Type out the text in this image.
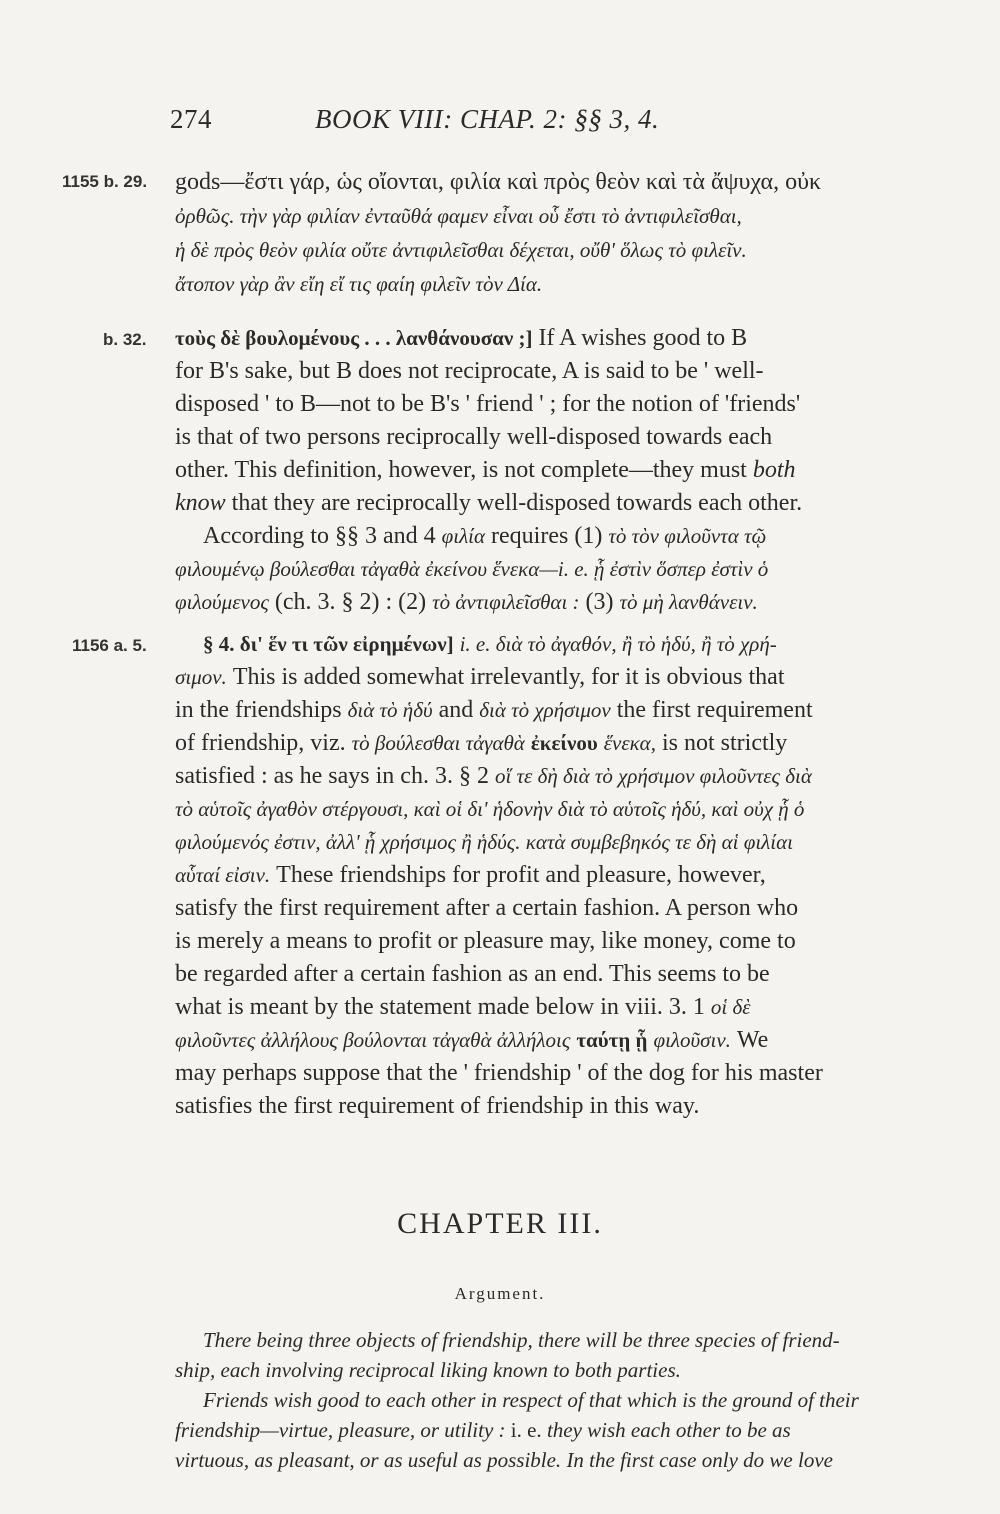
274	BOOK VIII: CHAP. 2: §§ 3, 4.
1155 b. 29.	gods—ἔστι γάρ, ὡς οἴονται, φιλία καὶ πρὸς θεὸν καὶ τὰ ἄψυχα, οὐκ
ὀρθῶς. τὴν γὰρ φιλίαν ἐνταῦθά φαμεν εἶναι οὗ ἔστι τὸ ἀντιφιλεῖσθαι,
ἡ δὲ πρὸς θεὸν φιλία οὔτε ἀντιφιλεῖσθαι δέχεται, οὔθ' ὅλως τὸ φιλεῖν.
ἄτοπον γὰρ ἂν εἴη εἴ τις φαίη φιλεῖν τὸν Δία.
b. 32.	τοὺς δὲ βουλομένους . . . λανθάνουσαν ;] If A wishes good to B
for B's sake, but B does not reciprocate, A is said to be ' well-
disposed ' to B—not to be B's ' friend ' ; for the notion of 'friends'
is that of two persons reciprocally well-disposed towards each
other. This definition, however, is not complete—they must both
know that they are reciprocally well-disposed towards each other.
According to §§ 3 and 4 φιλία requires (1) τὸ τὸν φιλοῦντα τῷ
φιλουμένῳ βούλεσθαι τἀγαθὰ ἐκείνου ἕνεκα—i. e. ᾗ ἐστὶν ὅσπερ ἐστὶν ὁ
φιλούμενος (ch. 3. § 2) : (2) τὸ ἀντιφιλεῖσθαι : (3) τὸ μὴ λανθάνειν.
1156 a. 5.	§ 4. δι' ἕν τι τῶν εἰρημένων] i. e. διὰ τὸ ἀγαθόν, ἢ τὸ ἡδύ, ἢ τὸ χρή-
σιμον. This is added somewhat irrelevantly, for it is obvious that
in the friendships διὰ τὸ ἡδύ and διὰ τὸ χρήσιμον the first requirement
of friendship, viz. τὸ βούλεσθαι τἀγαθὰ ἐκείνου ἕνεκα, is not strictly
satisfied : as he says in ch. 3. § 2 οἵ τε δὴ διὰ τὸ χρήσιμον φιλοῦντες διὰ
τὸ αὑτοῖς ἀγαθὸν στέργουσι, καὶ οἱ δι' ἡδονὴν διὰ τὸ αὑτοῖς ἡδύ, καὶ οὐχ ᾗ ὁ
φιλούμενός ἐστιν, ἀλλ' ᾗ χρήσιμος ἢ ἡδύς. κατὰ συμβεβηκός τε δὴ αἱ φιλίαι
αὗταί εἰσιν. These friendships for profit and pleasure, however,
satisfy the first requirement after a certain fashion. A person who
is merely a means to profit or pleasure may, like money, come to
be regarded after a certain fashion as an end. This seems to be
what is meant by the statement made below in viii. 3. 1 οἱ δὲ
φιλοῦντες ἀλλήλους βούλονται τἀγαθὰ ἀλλήλοις ταύτῃ ᾗ φιλοῦσιν. We
may perhaps suppose that the ' friendship ' of the dog for his master
satisfies the first requirement of friendship in this way.
CHAPTER III.
Argument.
There being three objects of friendship, there will be three species of friend-
ship, each involving reciprocal liking known to both parties.
Friends wish good to each other in respect of that which is the ground of their
friendship—virtue, pleasure, or utility : i. e. they wish each other to be as
virtuous, as pleasant, or as useful as possible. In the first case only do we love
